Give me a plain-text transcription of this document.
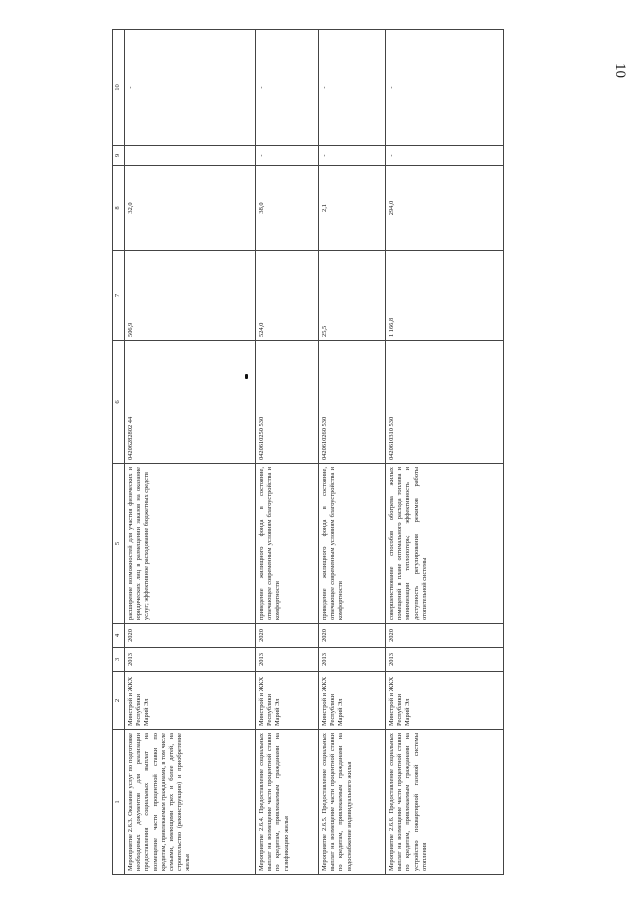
10
1	2	3	4	5	6	7	8	9	10
Мероприятие 2.6.3. Оказание услуг по подготовке необходимых документов для реализации предоставления социальных выплат на возмещение части процентной ставки по кредитам, привлекаемым гражданами, в том числе семьями, имеющими трех и более детей, на строительство (реконструкцию) и приобретение жилья	Минстрой и ЖКХ Республики Марий Эл	2013	2020	расширение возможностей для участия физических и юридических лиц в размещении заказов на оказание услуг; эффективное расходование бюджетных средств	04206282802 44	506,9	32,0		-
Мероприятие 2.6.4. Предоставление социальных выплат на возмещение части процентной ставки по кредитам, привлекаемым гражданами на газификацию жилья	Минстрой и ЖКХ Республики Марий Эл	2013	2020	приведение жилищного фонда в состояние, отвечающее современным условиям благоустройства и комфортности	0420610250 530	524,0	38,0	-	-
Мероприятие 2.6.5. Предоставление социальных выплат на возмещение части процентной ставки по кредитам, привлекаемым гражданами на водоснабжение индивидуального жилья	Минстрой и ЖКХ Республики Марий Эл	2013	2020	приведение жилищного фонда в состояние, отвечающее современным условиям благоустройства и комфортности	0420610260 530	25,5	2,1	-	-
Мероприятие 2.6.6. Предоставление социальных выплат на возмещение части процентной ставки по кредитам, привлекаемым гражданами на устройство поквартирной газовой системы отопления	Минстрой и ЖКХ Республики Марий Эл	2013	2020	совершенствование способов обогрева жилых помещений в плане оптимального расхода топлива и минимизации теплопотерь; эффективность и доступность регулирования режимов работы отопительной системы	0420610310 530	1 166,8	294,0	-	-
